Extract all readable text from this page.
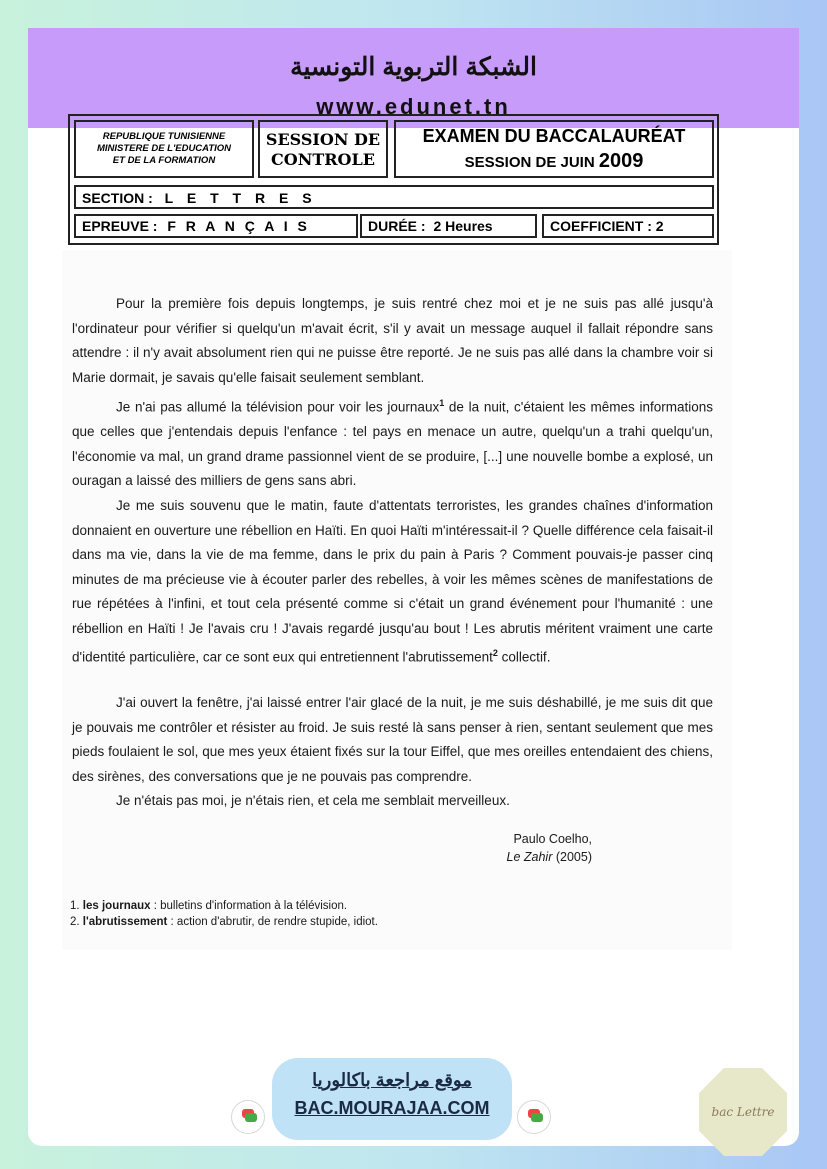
الشبكة التربوية التونسية
www.edunet.tn
REPUBLIQUE TUNISIENNE
MINISTERE DE L'EDUCATION
ET DE LA FORMATION
SESSION DE
CONTROLE
EXAMEN DU BACCALAURÉAT
SESSION DE JUIN 2009
SECTION : L E T T R E S
EPREUVE : F R A N Ç A I S	DURÉE : 2 Heures	COEFFICIENT : 2

Pour la première fois depuis longtemps, je suis rentré chez moi et je ne suis pas allé jusqu'à l'ordinateur pour vérifier si quelqu'un m'avait écrit, s'il y avait un message auquel il fallait répondre sans attendre : il n'y avait absolument rien qui ne puisse être reporté. Je ne suis pas allé dans la chambre voir si Marie dormait, je savais qu'elle faisait seulement semblant.

Je n'ai pas allumé la télévision pour voir les journaux$^1$ de la nuit, c'étaient les mêmes informations que celles que j'entendais depuis l'enfance : tel pays en menace un autre, quelqu'un a trahi quelqu'un, l'économie va mal, un grand drame passionnel vient de se produire, [...] une nouvelle bombe a explosé, un ouragan a laissé des milliers de gens sans abri.

Je me suis souvenu que le matin, faute d'attentats terroristes, les grandes chaînes d'information donnaient en ouverture une rébellion en Haïti. En quoi Haïti m'intéressait-il ? Quelle différence cela faisait-il dans ma vie, dans la vie de ma femme, dans le prix du pain à Paris ? Comment pouvais-je passer cinq minutes de ma précieuse vie à écouter parler des rebelles, à voir les mêmes scènes de manifestations de rue répétées à l'infini, et tout cela présenté comme si c'était un grand événement pour l'humanité : une rébellion en Haïti ! Je l'avais cru ! J'avais regardé jusqu'au bout ! Les abrutis méritent vraiment une carte d'identité particulière, car ce sont eux qui entretiennent l'abrutissement$^2$ collectif.

J'ai ouvert la fenêtre, j'ai laissé entrer l'air glacé de la nuit, je me suis déshabillé, je me suis dit que je pouvais me contrôler et résister au froid. Je suis resté là sans penser à rien, sentant seulement que mes pieds foulaient le sol, que mes yeux étaient fixés sur la tour Eiffel, que mes oreilles entendaient des chiens, des sirènes, des conversations que je ne pouvais pas comprendre.

Je n'étais pas moi, je n'étais rien, et cela me semblait merveilleux.

Paulo Coelho,
Le Zahir (2005)
1. les journaux : bulletins d'information à la télévision.
2. l'abrutissement : action d'abrutir, de rendre stupide, idiot.
موقع مراجعة باكالوريا
BAC.MOURAJAA.COM	bac Lettre
